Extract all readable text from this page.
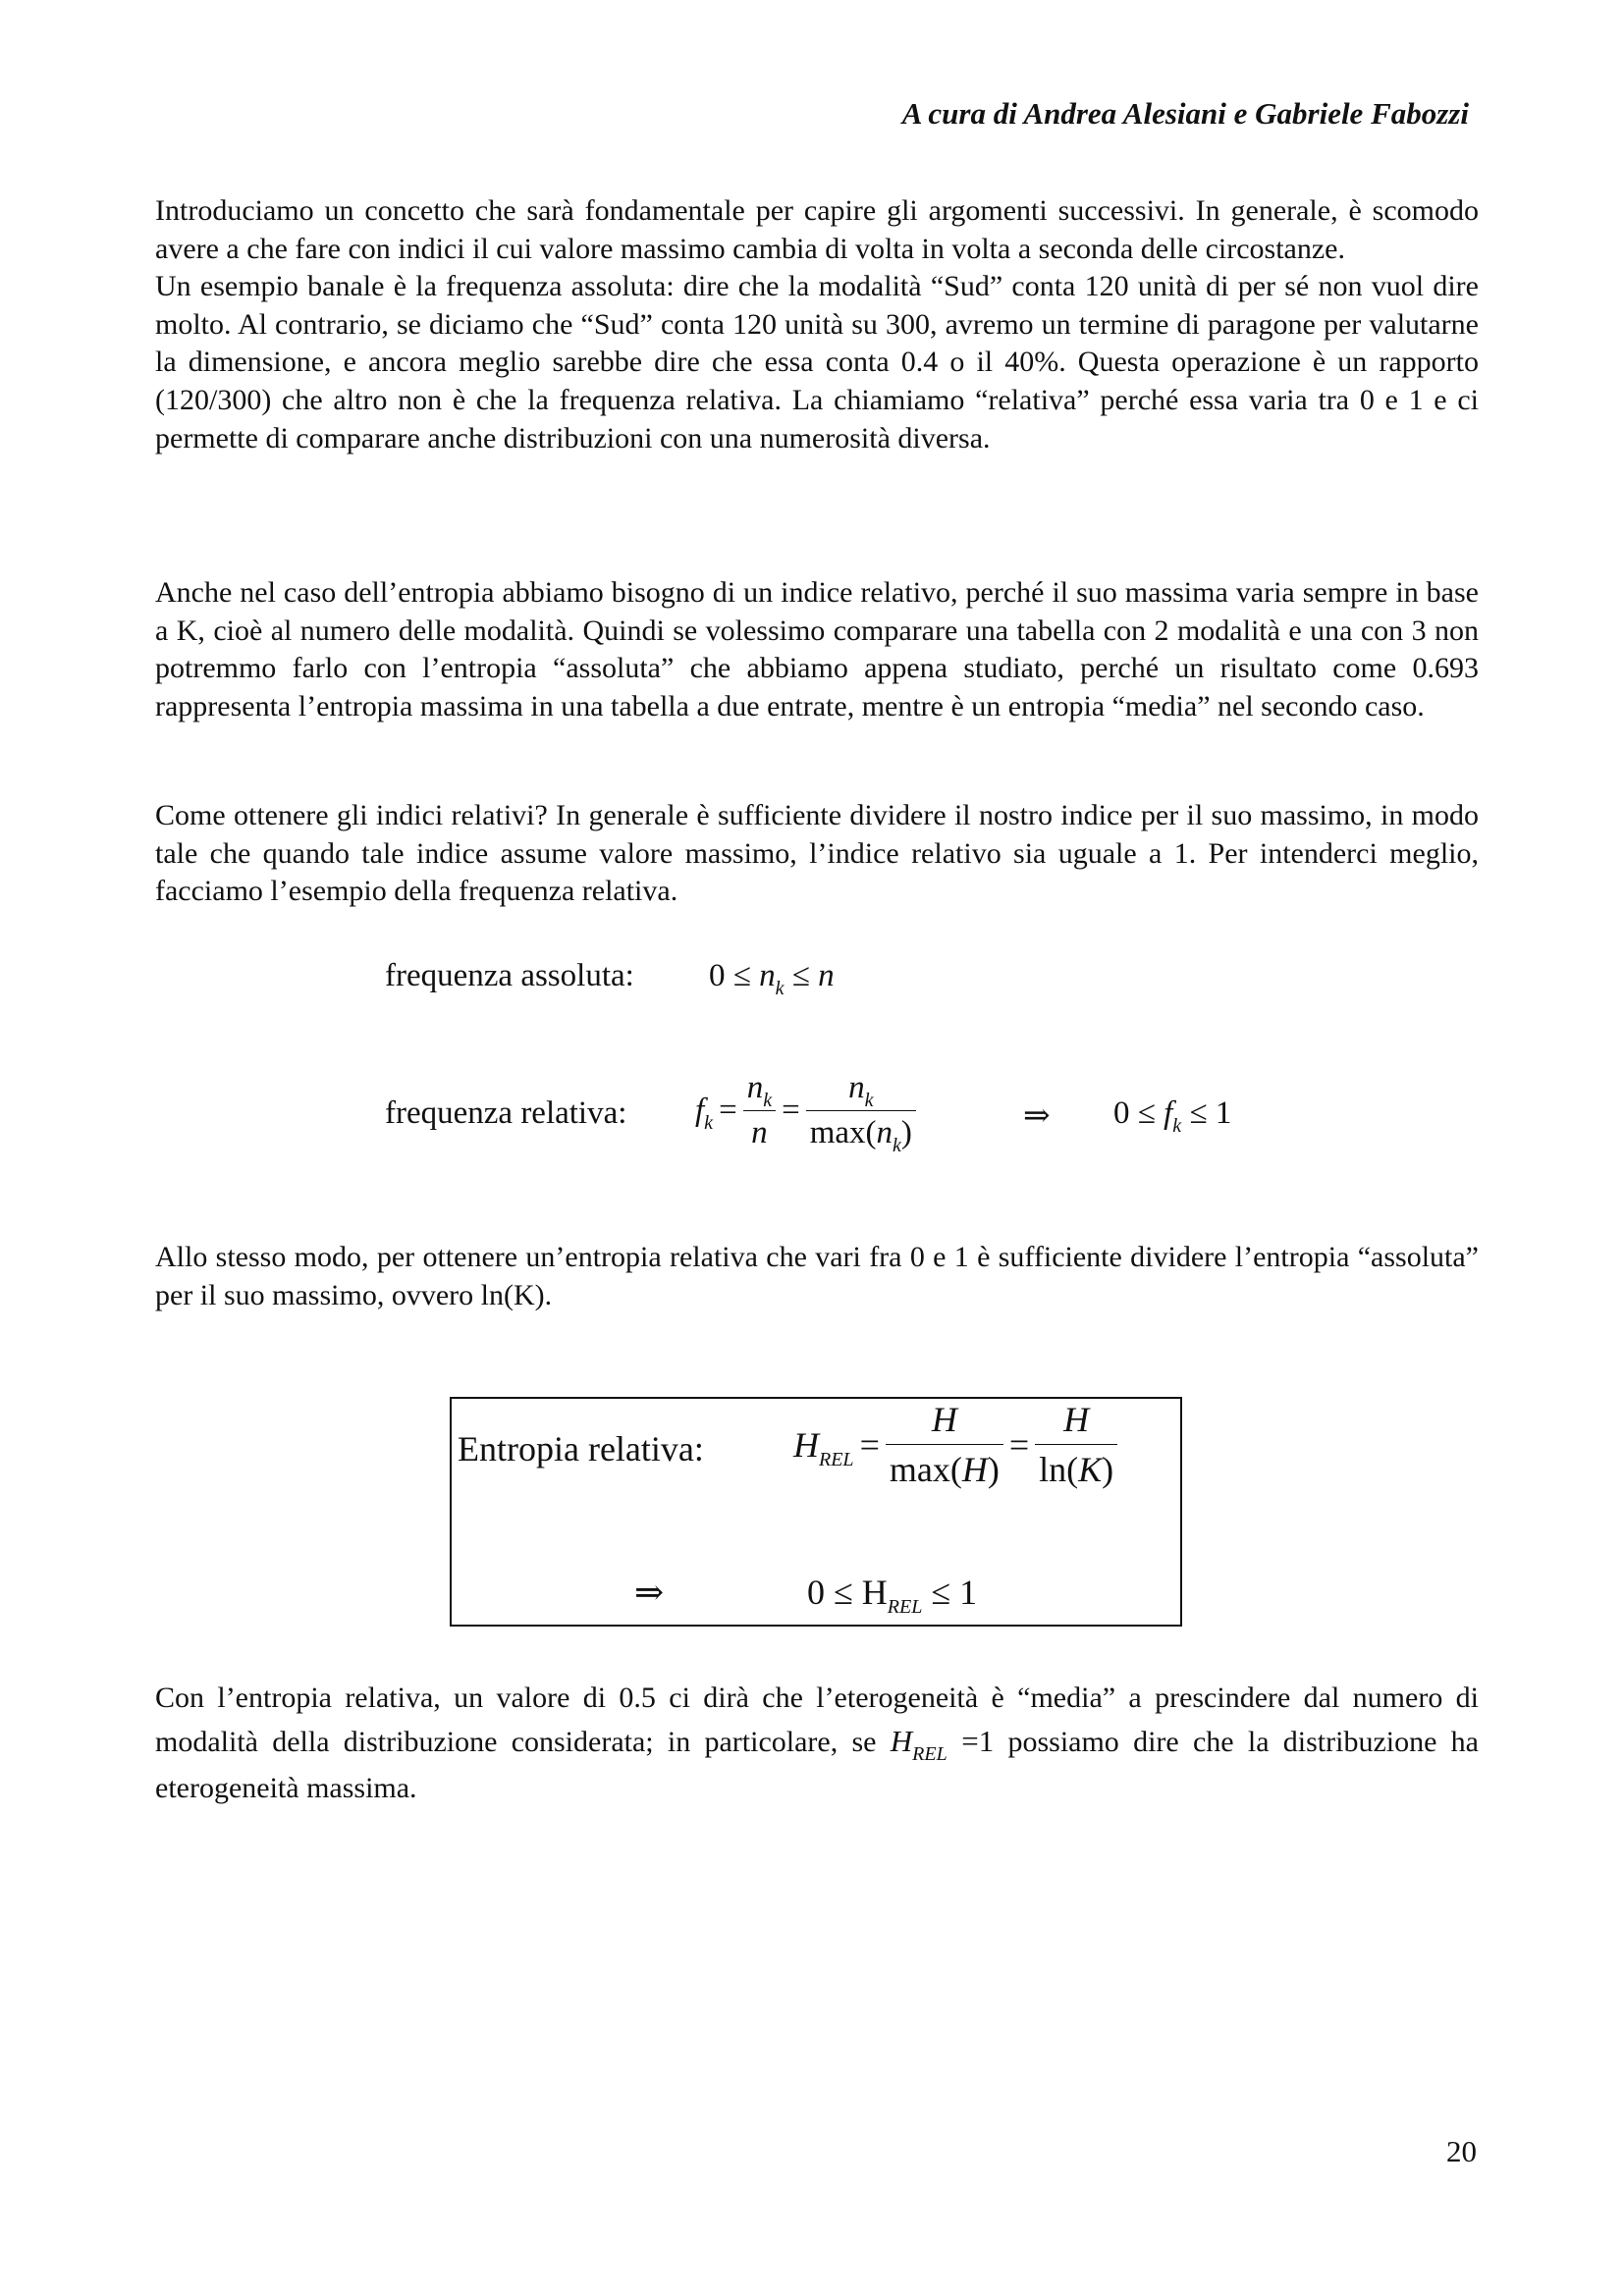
A cura di Andrea Alesiani e Gabriele Fabozzi

Introduciamo un concetto che sarà fondamentale per capire gli argomenti successivi. In generale, è scomodo avere a che fare con indici il cui valore massimo cambia di volta in volta a seconda delle circostanze.

Un esempio banale è la frequenza assoluta: dire che la modalità “Sud” conta 120 unità di per sé non vuol dire molto. Al contrario, se diciamo che “Sud” conta 120 unità su 300, avremo un termine di paragone per valutarne la dimensione, e ancora meglio sarebbe dire che essa conta 0.4 o il 40%. Questa operazione è un rapporto (120/300) che altro non è che la frequenza relativa. La chiamiamo “relativa” perché essa varia tra 0 e 1 e ci permette di comparare anche distribuzioni con una numerosità diversa.

Anche nel caso dell’entropia abbiamo bisogno di un indice relativo, perché il suo massima varia sempre in base a K, cioè al numero delle modalità. Quindi se volessimo comparare una tabella con 2 modalità e una con 3 non potremmo farlo con l’entropia “assoluta” che abbiamo appena studiato, perché un risultato come 0.693 rappresenta l’entropia massima in una tabella a due entrate, mentre è un entropia “media” nel secondo caso.

Come ottenere gli indici relativi? In generale è sufficiente dividere il nostro indice per il suo massimo, in modo tale che quando tale indice assume valore massimo, l’indice relativo sia uguale a 1. Per intenderci meglio, facciamo l’esempio della frequenza relativa.

frequenza assoluta: $0 \le n_k \le n$
frequenza relativa: $f_k = \frac{n_k}{n} = \frac{n_k}{\max(n_k)}$	⇒ $0 \le f_k \le 1$

Allo stesso modo, per ottenere un’entropia relativa che vari fra 0 e 1 è sufficiente dividere l’entropia “assoluta” per il suo massimo, ovvero ln(K).

Entropia relativa:	$H_{REL} = \frac{H}{\max(H)} = \frac{H}{\ln(K)}$
⇒	$0 \le H_{REL} \le 1$

Con l’entropia relativa, un valore di 0.5 ci dirà che l’eterogeneità è “media” a prescindere dal numero di modalità della distribuzione considerata; in particolare, se $H_{REL} =1$ possiamo dire che la distribuzione ha eterogeneità massima.

20
